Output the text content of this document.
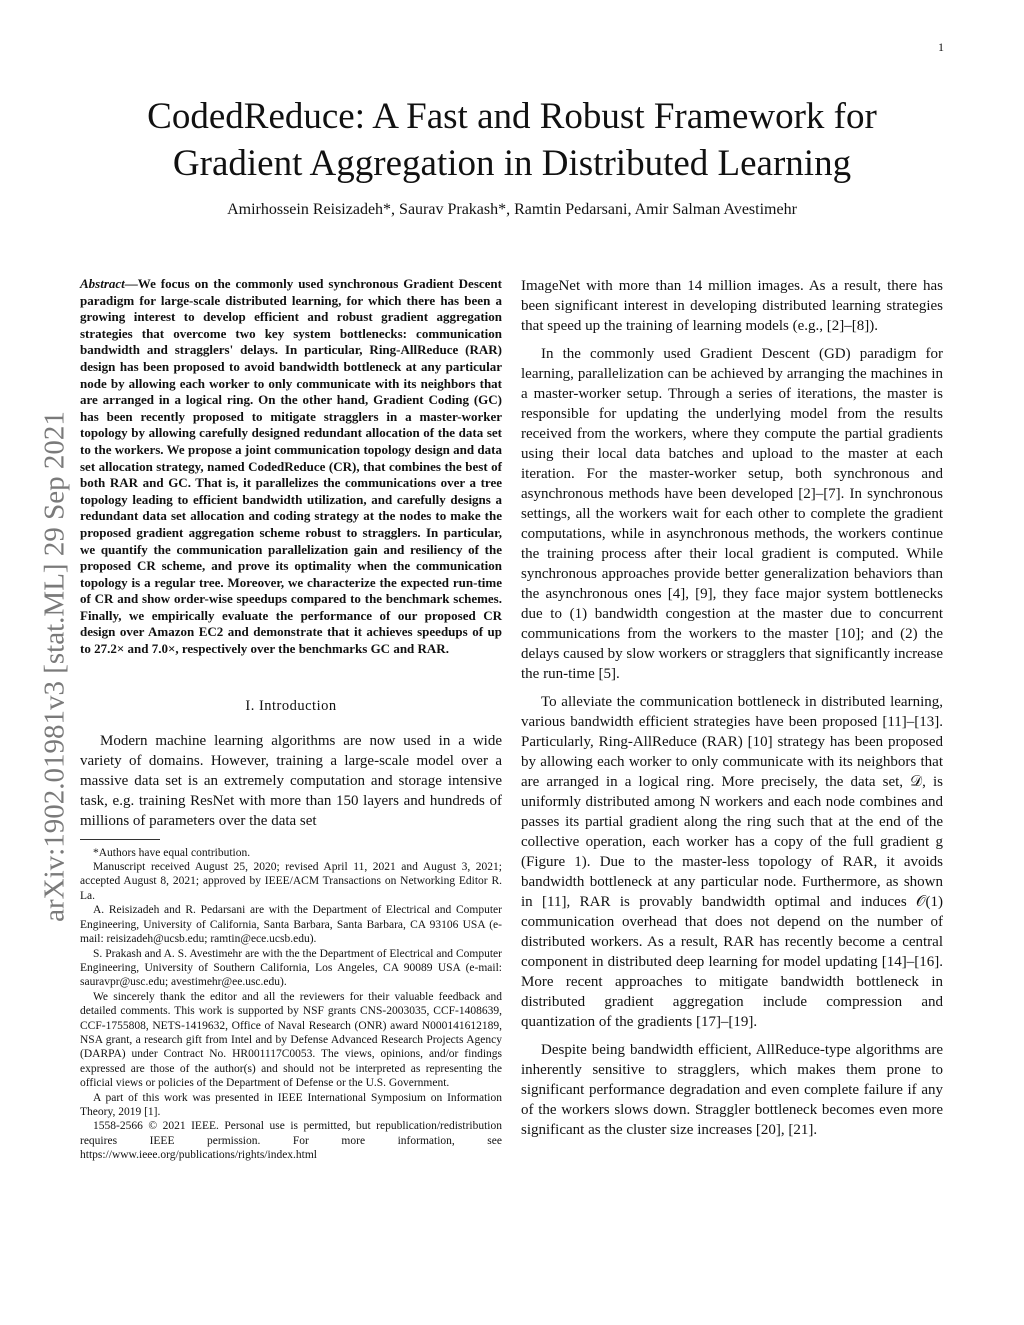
1
CodedReduce: A Fast and Robust Framework for
Gradient Aggregation in Distributed Learning
Amirhossein Reisizadeh*, Saurav Prakash*, Ramtin Pedarsani, Amir Salman Avestimehr
arXiv:1902.01981v3 [stat.ML] 29 Sep 2021

Abstract—We focus on the commonly used synchronous Gradient Descent paradigm for large-scale distributed learning, for which there has been a growing interest to develop efficient and robust gradient aggregation strategies that overcome two key system bottlenecks: communication bandwidth and stragglers' delays. In particular, Ring-AllReduce (RAR) design has been proposed to avoid bandwidth bottleneck at any particular node by allowing each worker to only communicate with its neighbors that are arranged in a logical ring. On the other hand, Gradient Coding (GC) has been recently proposed to mitigate stragglers in a master-worker topology by allowing carefully designed redundant allocation of the data set to the workers. We propose a joint communication topology design and data set allocation strategy, named CodedReduce (CR), that combines the best of both RAR and GC. That is, it parallelizes the communications over a tree topology leading to efficient bandwidth utilization, and carefully designs a redundant data set allocation and coding strategy at the nodes to make the proposed gradient aggregation scheme robust to stragglers. In particular, we quantify the communication parallelization gain and resiliency of the proposed CR scheme, and prove its optimality when the communication topology is a regular tree. Moreover, we characterize the expected run-time of CR and show order-wise speedups compared to the benchmark schemes. Finally, we empirically evaluate the performance of our proposed CR design over Amazon EC2 and demonstrate that it achieves speedups of up to 27.2× and 7.0×, respectively over the benchmarks GC and RAR.

I. Introduction

Modern machine learning algorithms are now used in a wide variety of domains. However, training a large-scale model over a massive data set is an extremely computation and storage intensive task, e.g. training ResNet with more than 150 layers and hundreds of millions of parameters over the data set

*Authors have equal contribution.

Manuscript received August 25, 2020; revised April 11, 2021 and August 3, 2021; accepted August 8, 2021; approved by IEEE/ACM Transactions on Networking Editor R. La.

A. Reisizadeh and R. Pedarsani are with the Department of Electrical and Computer Engineering, University of California, Santa Barbara, Santa Barbara, CA 93106 USA (e-mail: reisizadeh@ucsb.edu; ramtin@ece.ucsb.edu).

S. Prakash and A. S. Avestimehr are with the the Department of Electrical and Computer Engineering, University of Southern California, Los Angeles, CA 90089 USA (e-mail: sauravpr@usc.edu; avestimehr@ee.usc.edu).

We sincerely thank the editor and all the reviewers for their valuable feedback and detailed comments. This work is supported by NSF grants CNS-2003035, CCF-1408639, CCF-1755808, NETS-1419632, Office of Naval Research (ONR) award N000141612189, NSA grant, a research gift from Intel and by Defense Advanced Research Projects Agency (DARPA) under Contract No. HR001117C0053. The views, opinions, and/or findings expressed are those of the author(s) and should not be interpreted as representing the official views or policies of the Department of Defense or the U.S. Government.

A part of this work was presented in IEEE International Symposium on Information Theory, 2019 [1].

1558-2566 © 2021 IEEE. Personal use is permitted, but republication/redistribution requires IEEE permission. For more information, see https://www.ieee.org/publications/rights/index.html

ImageNet with more than 14 million images. As a result, there has been significant interest in developing distributed learning strategies that speed up the training of learning models (e.g., [2]–[8]).

In the commonly used Gradient Descent (GD) paradigm for learning, parallelization can be achieved by arranging the machines in a master-worker setup. Through a series of iterations, the master is responsible for updating the underlying model from the results received from the workers, where they compute the partial gradients using their local data batches and upload to the master at each iteration. For the master-worker setup, both synchronous and asynchronous methods have been developed [2]–[7]. In synchronous settings, all the workers wait for each other to complete the gradient computations, while in asynchronous methods, the workers continue the training process after their local gradient is computed. While synchronous approaches provide better generalization behaviors than the asynchronous ones [4], [9], they face major system bottlenecks due to (1) bandwidth congestion at the master due to concurrent communications from the workers to the master [10]; and (2) the delays caused by slow workers or stragglers that significantly increase the run-time [5].

To alleviate the communication bottleneck in distributed learning, various bandwidth efficient strategies have been proposed [11]–[13]. Particularly, Ring-AllReduce (RAR) [10] strategy has been proposed by allowing each worker to only communicate with its neighbors that are arranged in a logical ring. More precisely, the data set, 𝒟, is uniformly distributed among N workers and each node combines and passes its partial gradient along the ring such that at the end of the collective operation, each worker has a copy of the full gradient g (Figure 1). Due to the master-less topology of RAR, it avoids bandwidth bottleneck at any particular node. Furthermore, as shown in [11], RAR is provably bandwidth optimal and induces 𝒪(1) communication overhead that does not depend on the number of distributed workers. As a result, RAR has recently become a central component in distributed deep learning for model updating [14]–[16]. More recent approaches to mitigate bandwidth bottleneck in distributed gradient aggregation include compression and quantization of the gradients [17]–[19].

Despite being bandwidth efficient, AllReduce-type algorithms are inherently sensitive to stragglers, which makes them prone to significant performance degradation and even complete failure if any of the workers slows down. Straggler bottleneck becomes even more significant as the cluster size increases [20], [21].
